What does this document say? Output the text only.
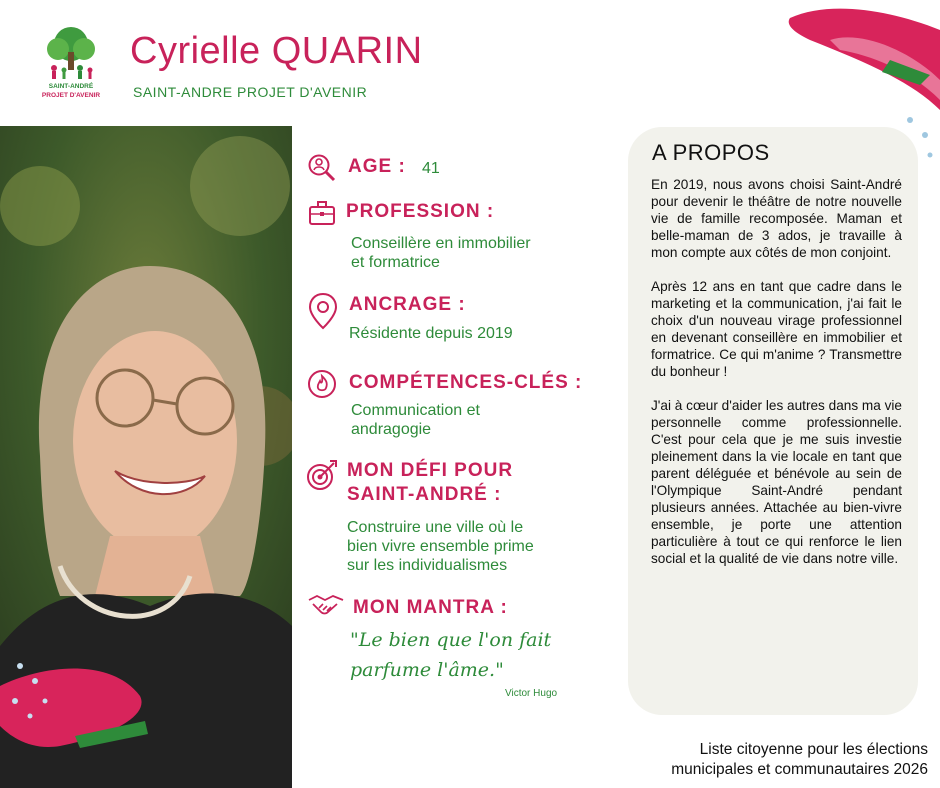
SAINT-ANDRÉ
PROJET D'AVENIR
Cyrielle QUARIN
SAINT-ANDRE PROJET D'AVENIR
AGE : 41
PROFESSION :
Conseillère en immobilier
et formatrice
ANCRAGE :
Résidente depuis 2019
COMPÉTENCES-CLÉS :
Communication et
andragogie
MON DÉFI POUR
SAINT-ANDRÉ :
Construire une ville où le
bien vivre ensemble prime
sur les individualismes
MON MANTRA :
"Le bien que l'on fait
parfume l'âme."
Victor Hugo
A PROPOS

En 2019, nous avons choisi Saint-André pour devenir le théâtre de notre nouvelle vie de famille recomposée. Maman et belle-maman de 3 ados, je travaille à mon compte aux côtés de mon conjoint.

Après 12 ans en tant que cadre dans le marketing et la communication, j'ai fait le choix d'un nouveau virage professionnel en devenant conseillère en immobilier et formatrice. Ce qui m'anime ? Transmettre du bonheur !

J'ai à cœur d'aider les autres dans ma vie personnelle comme professionnelle. C'est pour cela que je me suis investie pleinement dans la vie locale en tant que parent déléguée et bénévole au sein de l'Olympique Saint-André pendant plusieurs années. Attachée au bien-vivre ensemble, je porte une attention particulière à tout ce qui renforce le lien social et la qualité de vie dans notre ville.

Liste citoyenne pour les élections
municipales et communautaires 2026
